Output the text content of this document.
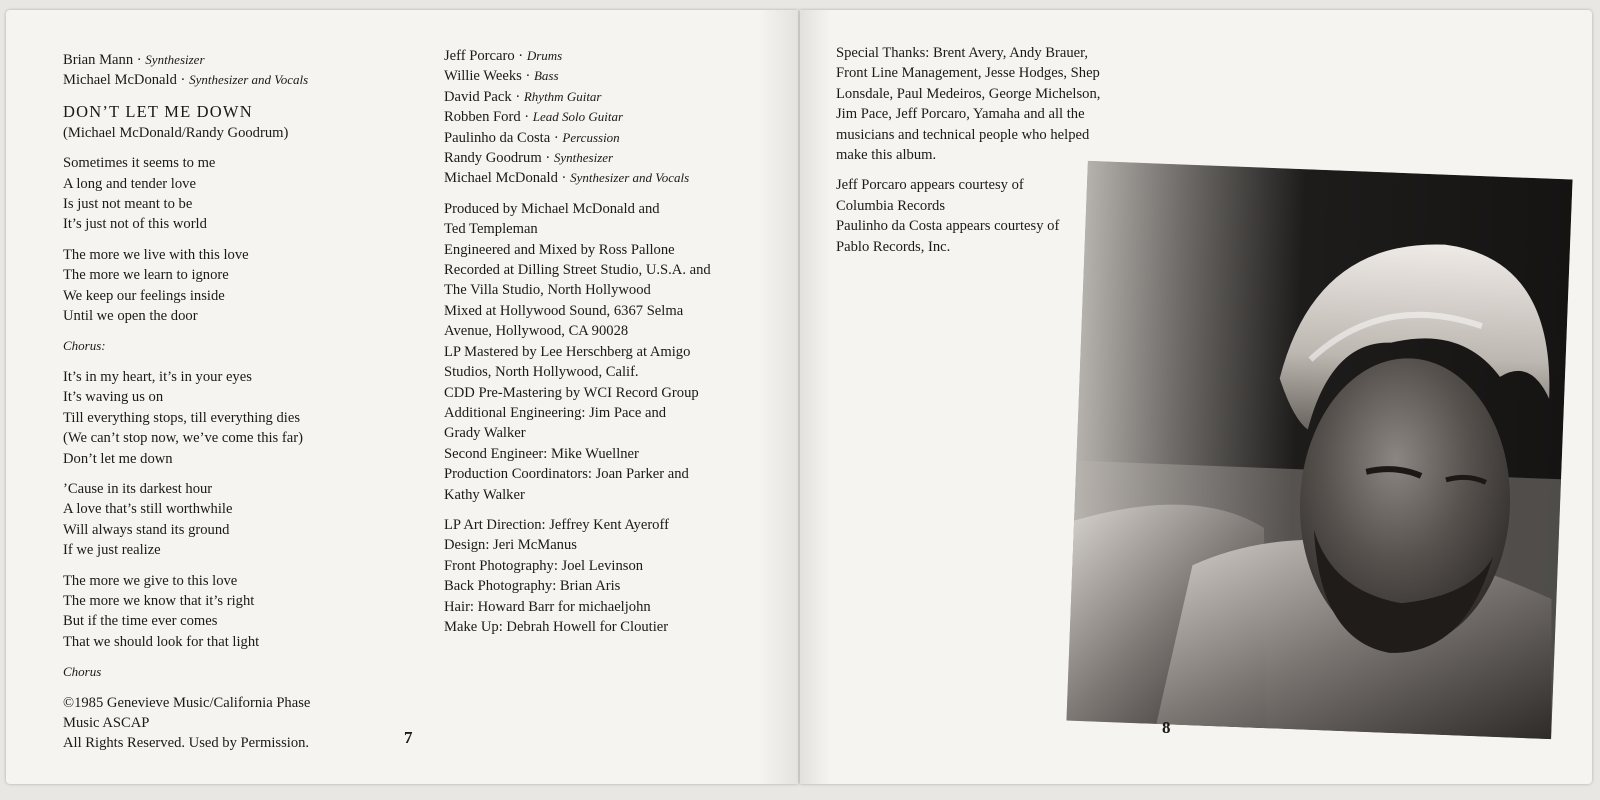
Brian Mann · Synthesizer
Michael McDonald · Synthesizer and Vocals
DON’T LET ME DOWN
(Michael McDonald/Randy Goodrum)
Sometimes it seems to me
A long and tender love
Is just not meant to be
It’s just not of this world
The more we live with this love
The more we learn to ignore
We keep our feelings inside
Until we open the door
Chorus:
It’s in my heart, it’s in your eyes
It’s waving us on
Till everything stops, till everything dies
(We can’t stop now, we’ve come this far)
Don’t let me down
’Cause in its darkest hour
A love that’s still worthwhile
Will always stand its ground
If we just realize
The more we give to this love
The more we know that it’s right
But if the time ever comes
That we should look for that light
Chorus
©1985 Genevieve Music/California Phase
Music ASCAP
All Rights Reserved. Used by Permission.
Jeff Porcaro · Drums
Willie Weeks · Bass
David Pack · Rhythm Guitar
Robben Ford · Lead Solo Guitar
Paulinho da Costa · Percussion
Randy Goodrum · Synthesizer
Michael McDonald · Synthesizer and Vocals
Produced by Michael McDonald and
Ted Templeman
Engineered and Mixed by Ross Pallone
Recorded at Dilling Street Studio, U.S.A. and
The Villa Studio, North Hollywood
Mixed at Hollywood Sound, 6367 Selma
Avenue, Hollywood, CA 90028
LP Mastered by Lee Herschberg at Amigo
Studios, North Hollywood, Calif.
CDD Pre-Mastering by WCI Record Group
Additional Engineering: Jim Pace and
Grady Walker
Second Engineer: Mike Wuellner
Production Coordinators: Joan Parker and
Kathy Walker
LP Art Direction: Jeffrey Kent Ayeroff
Design: Jeri McManus
Front Photography: Joel Levinson
Back Photography: Brian Aris
Hair: Howard Barr for michaeljohn
Make Up: Debrah Howell for Cloutier
7
Special Thanks: Brent Avery, Andy Brauer,
Front Line Management, Jesse Hodges, Shep
Lonsdale, Paul Medeiros, George Michelson,
Jim Pace, Jeff Porcaro, Yamaha and all the
musicians and technical people who helped
make this album.
Jeff Porcaro appears courtesy of
Columbia Records
Paulinho da Costa appears courtesy of
Pablo Records, Inc.
8
